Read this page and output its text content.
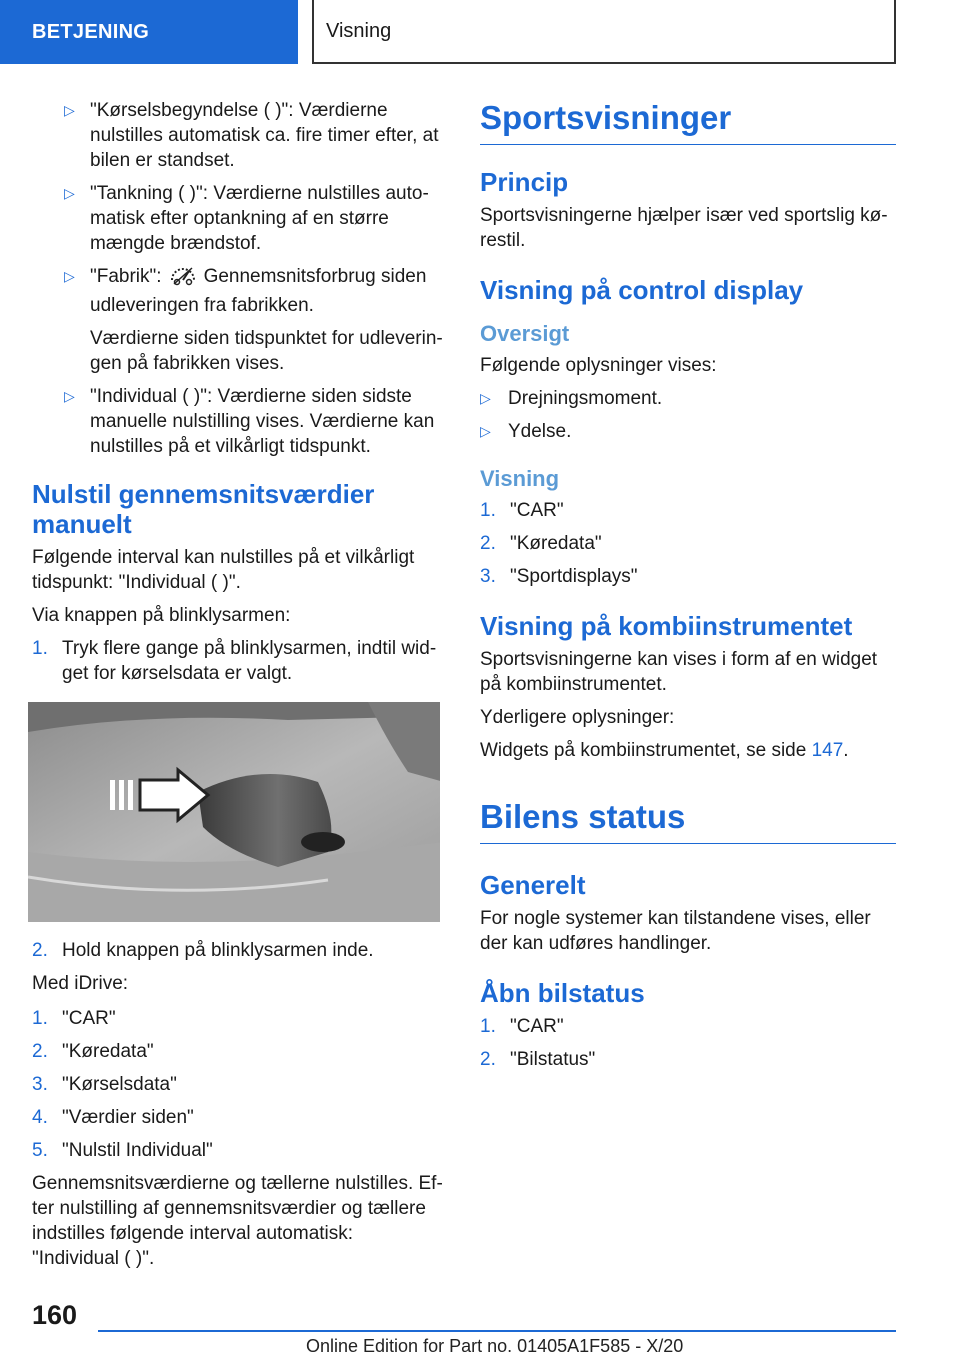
BETJENING	Visning
▷ "Kørselsbegyndelse ( )": Værdierne nulstilles automatisk ca. fire timer efter, at bilen er standset.
▷ "Tankning ( )": Værdierne nulstilles automatisk efter optankning af en større mængde brændstof.
▷ "Fabrik": Gennemsnitsforbrug siden udleveringen fra fabrikken.
Værdierne siden tidspunktet for udleveringen på fabrikken vises.
▷ "Individual ( )": Værdierne siden sidste manuelle nulstilling vises. Værdierne kan nulstilles på et vilkårligt tidspunkt.
Nulstil gennemsnitsværdier manuelt

Følgende interval kan nulstilles på et vilkårligt tidspunkt: "Individual ( )".

Via knappen på blinklysarmen:

1. Tryk flere gange på blinklysarmen, indtil widget for kørselsdata er valgt.
2. Hold knappen på blinklysarmen inde.

Med iDrive:

1. "CAR"
2. "Køredata"
3. "Kørselsdata"
4. "Værdier siden"
5. "Nulstil Individual"

Gennemsnitsværdierne og tællerne nulstilles. Efter nulstilling af gennemsnitsværdier og tællere indstilles følgende interval automatisk: "Individual ( )".

Sportsvisninger
Princip

Sportsvisningerne hjælper især ved sportslig kørestil.

Visning på control display
Oversigt

Følgende oplysninger vises:

▷ Drejningsmoment.
▷ Ydelse.
Visning
1. "CAR"
2. "Køredata"
3. "Sportdisplays"
Visning på kombiinstrumentet

Sportsvisningerne kan vises i form af en widget på kombiinstrumentet.

Yderligere oplysninger:

Widgets på kombiinstrumentet, se side 147.

Bilens status
Generelt

For nogle systemer kan tilstandene vises, eller der kan udføres handlinger.

Åbn bilstatus
1. "CAR"
2. "Bilstatus"
160
Online Edition for Part no. 01405A1F585 - X/20
